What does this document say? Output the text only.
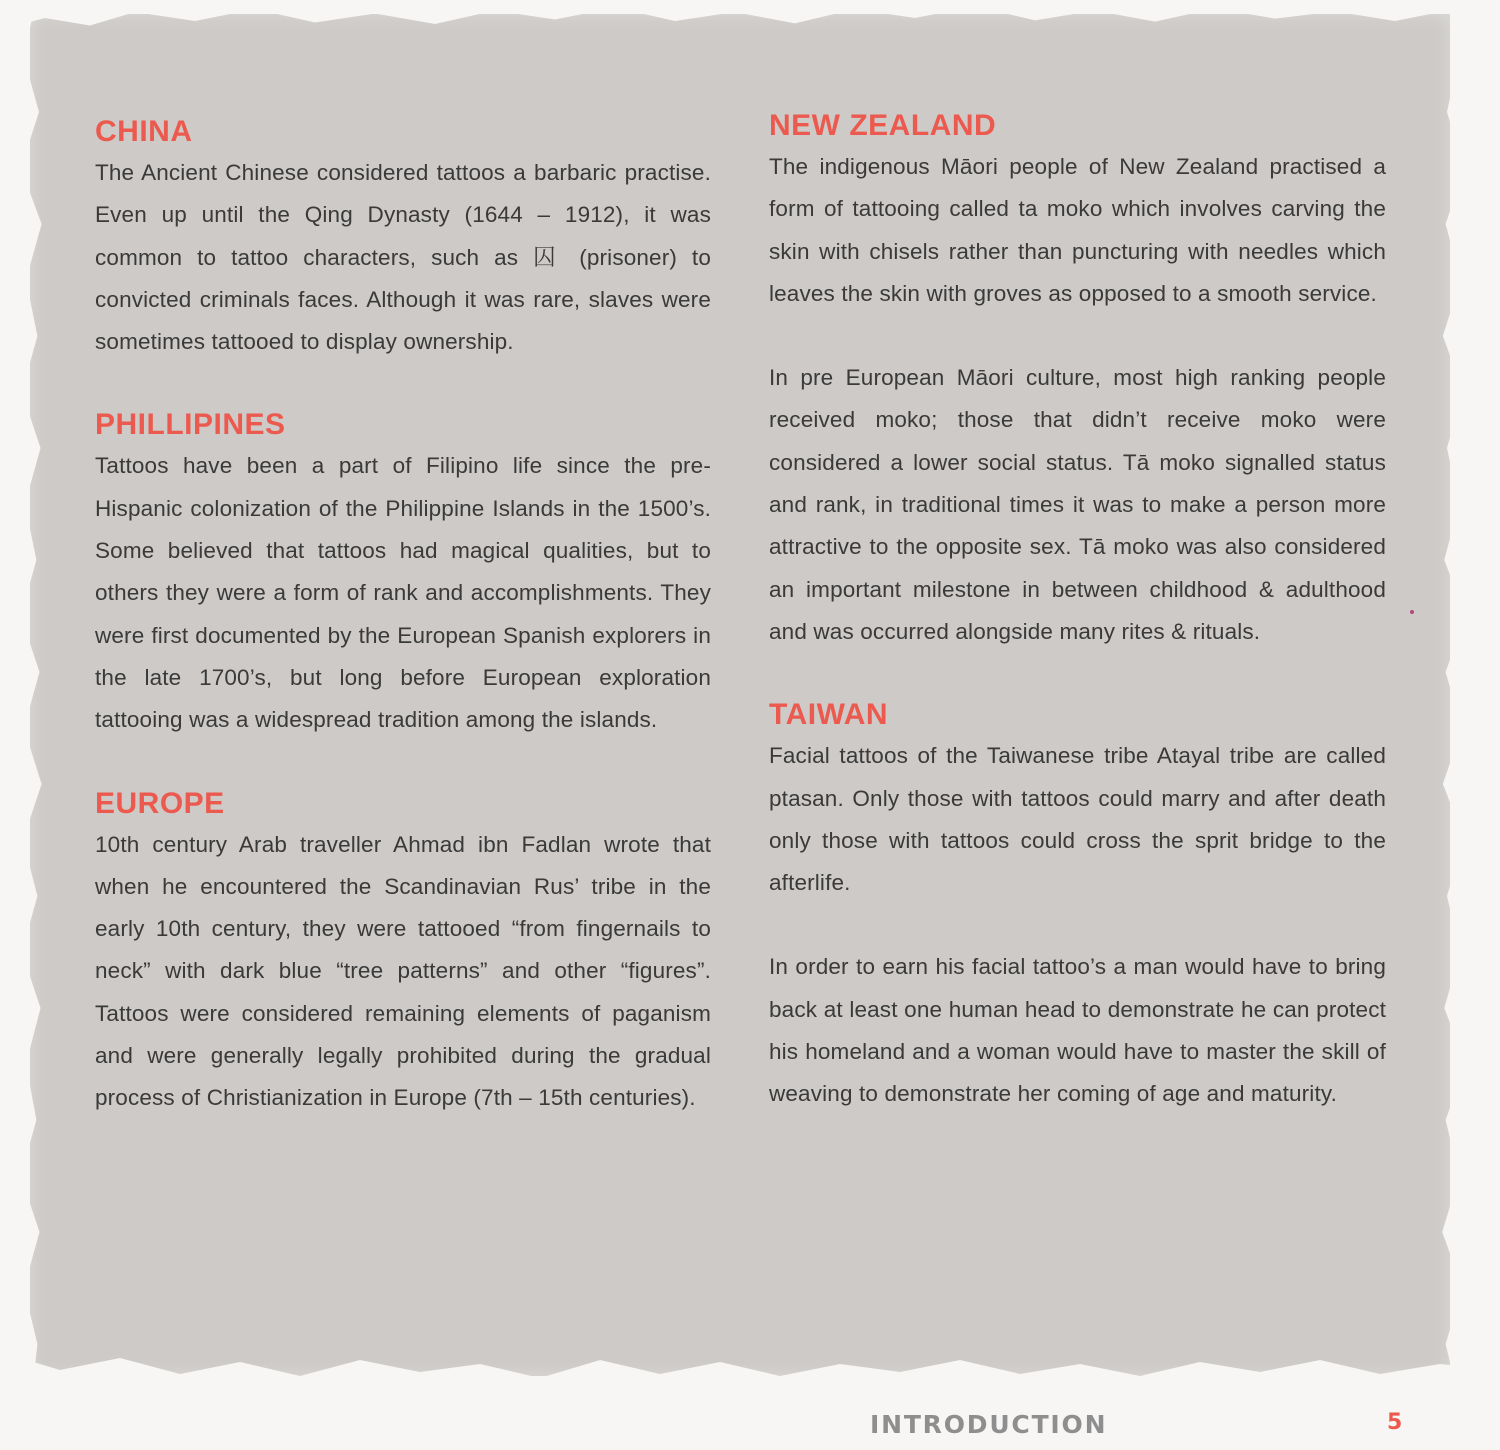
CHINA

The Ancient Chinese considered tattoos a barbaric practise. Even up until the Qing Dynasty (1644 – 1912), it was common to tattoo characters, such as 囚 (prisoner) to convicted criminals faces. Although it was rare, slaves were sometimes tattooed to display ownership.

PHILLIPINES

Tattoos have been a part of Filipino life since the pre-Hispanic colonization of the Philippine Islands in the 1500’s. Some believed that tattoos had magical qualities, but to others they were a form of rank and accomplishments. They were first documented by the European Spanish explorers in the late 1700’s, but long before European exploration tattooing was a widespread tradition among the islands.

EUROPE

10th century Arab traveller Ahmad ibn Fadlan wrote that when he encountered the Scandinavian Rus’ tribe in the early 10th century, they were tattooed “from fingernails to neck” with dark blue “tree patterns” and other “figures”. Tattoos were considered remaining elements of paganism and were generally legally prohibited during the gradual process of Christianization in Europe (7th – 15th centuries).

NEW ZEALAND

The indigenous Māori people of New Zealand practised a form of tattooing called ta moko which involves carving the skin with chisels rather than puncturing with needles which leaves the skin with groves as opposed to a smooth service.

In pre European Māori culture, most high ranking people received moko; those that didn’t receive moko were considered a lower social status. Tā moko signalled status and rank, in traditional times it was to make a person more attractive to the opposite sex. Tā moko was also considered an important milestone in between childhood & adulthood and was occurred alongside many rites & rituals.

TAIWAN

Facial tattoos of the Taiwanese tribe Atayal tribe are called ptasan. Only those with tattoos could marry and after death only those with tattoos could cross the sprit bridge to the afterlife.

In order to earn his facial tattoo’s a man would have to bring back at least one human head to demonstrate he can protect his homeland and a woman would have to master the skill of weaving to demonstrate her coming of age and maturity.

INTRODUCTION	5
